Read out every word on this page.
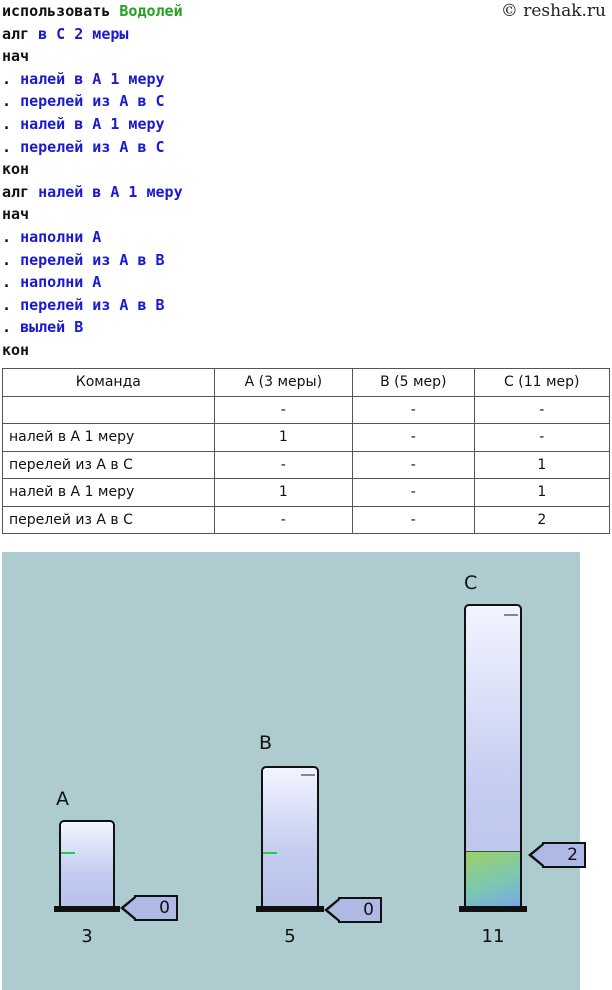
использовать Водолей
алг в С 2 меры
нач
. налей в А 1 меру
. перелей из А в С
. налей в А 1 меру
. перелей из А в С
кон
алг налей в А 1 меру
нач
. наполни А
. перелей из А в В
. наполни А
. перелей из А в В
. вылей В
кон
© reshak.ru
Команда	А (3 меры)	В (5 мер)	С (11 мер)
	-	-	-
налей в А 1 меру	1	-	-
перелей из А в С	-	-	1
налей в А 1 меру	1	-	1
перелей из А в С	-	-	2
A
3
0
B
5
0
C
11
2
